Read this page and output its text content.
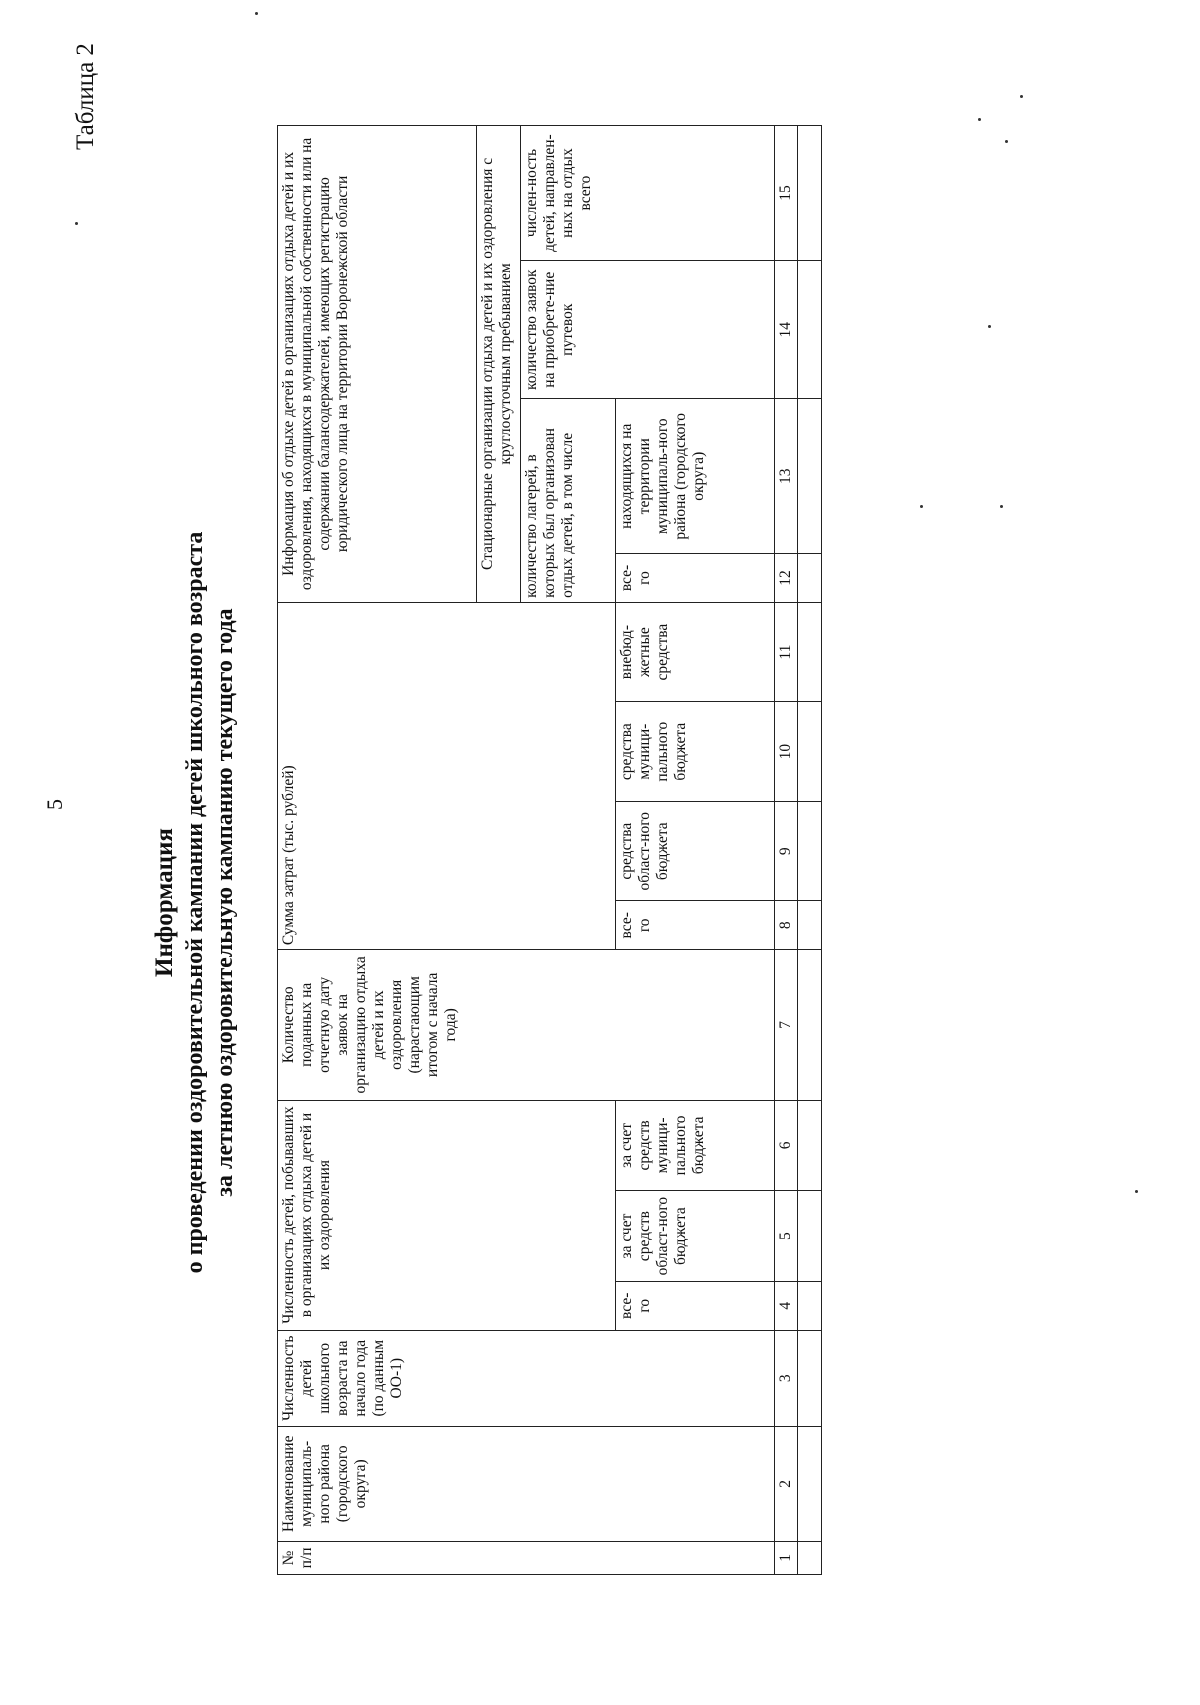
5
Таблица 2
Информация о проведении оздоровительной кампании детей школьного возраста за летнюю оздоровительную кампанию текущего года
№ п/п	Наименование муниципаль-ного района (городского округа)	Численность детей школьного возраста на начало года (по данным ОО-1)	Численность детей, побывавших в организациях отдыха детей и их оздоровления			Количество поданных на отчетную дату заявок на организацию отдыха детей и их оздоровления (нарастающим итогом с начала года)	Сумма затрат (тыс. рублей)				Информация об отдыхе детей в организациях отдыха детей и их оздоровления, находящихся в муниципальной собственности или на содержании балансодержателей, имеющих регистрацию юридического лица на территории Воронежской области			
											Стационарные организации отдыха детей и их оздоровления с круглосуточным пребыванием			
											количество лагерей, в которых был организован отдых детей, в том числе		количество заявок на приобрете-ние путевок	числен-ность детей, направлен-ных на отдых всего
			все-го	за счет средств област-ного бюджета	за счет средств муници-пального бюджета		все-го	средства област-ного бюджета	средства муници-пального бюджета	внебюд-жетные средства	все-го	находящихся на территории муниципаль-ного района (городского округа)		
1	2	3	4	5	6	7	8	9	10	11	12	13	14	15
